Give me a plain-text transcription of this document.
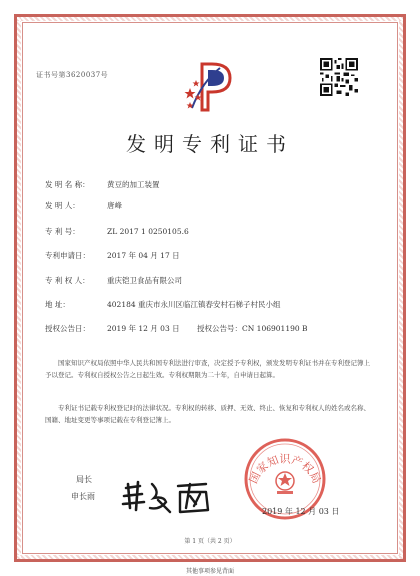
证书号第3620037号
发明专利证书
发 明 名 称： 黄豆的加工装置
发 明 人：	唐峰
专 利 号：	ZL 2017 1 0250105.6
专利申请日： 2017 年 04 月 17 日
专 利 权 人： 重庆铠卫食品有限公司
地 址：	402184 重庆市永川区临江镇春安村石梯子村民小组
授权公告日： 2019 年 12 月 03 日 授权公告号：CN 106901190 B
国家知识产权局依照中华人民共和国专利法进行审查，决定授予专利权，颁发发明专利证书并在专利登记簿上予以登记。专利权自授权公告之日起生效。专利权期限为二十年，自申请日起算。
专利证书记载专利权登记时的法律状况。专利权的转移、质押、无效、终止、恢复和专利权人的姓名或名称、国籍、地址变更等事项记载在专利登记簿上。
局长
申长雨
国家知识产权局
2019 年 12 月 03 日
第 1 页（共 2 页）
其他事项参见背面
